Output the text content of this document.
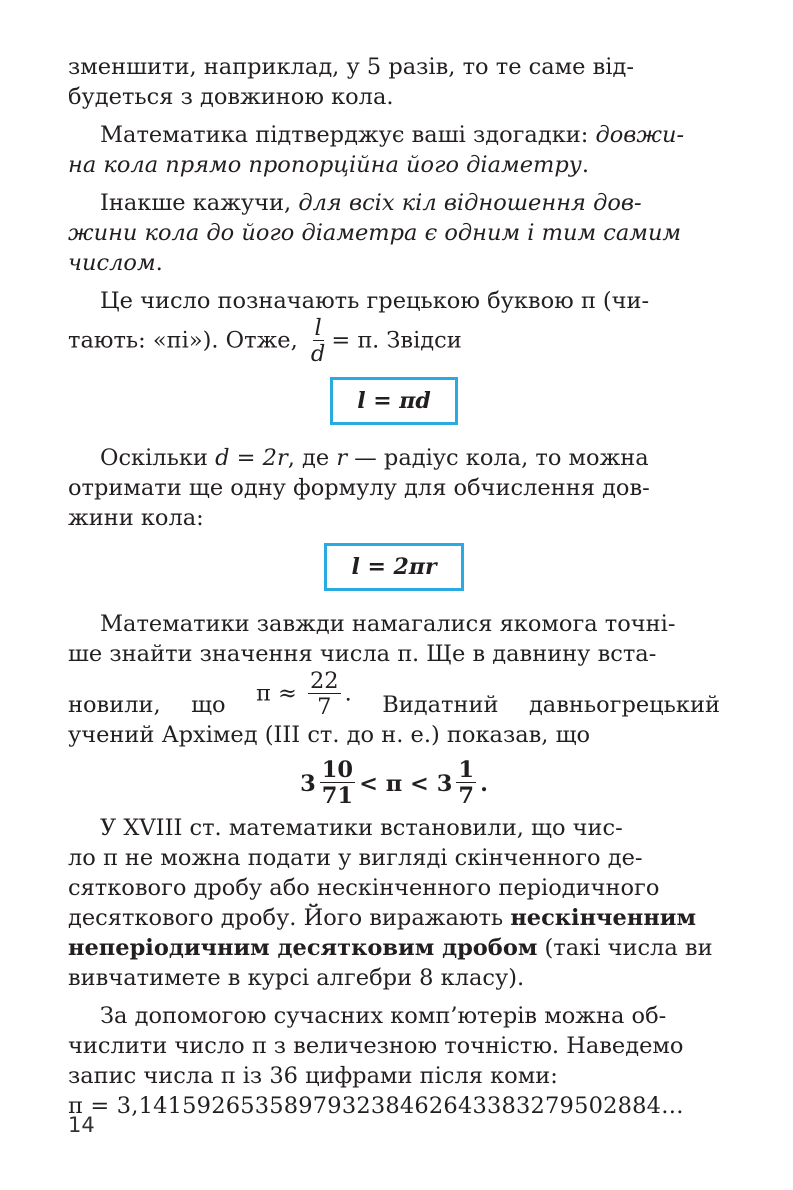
зменшити, наприклад, у 5 разів, то те саме від-
будеться з довжиною кола.
Математика підтверджує ваші здогадки: довжи-
на кола прямо пропорційна його діаметру.
Інакше кажучи, для всіх кіл відношення дов-
жини кола до його діаметра є одним і тим самим
числом.
Це число позначають грецькою буквою π (чи-
тають: «пі»). Отже, $\frac{l}{d} = \pi$. Звідси
l = πd
Оскільки d = 2r, де r — радіус кола, то можна
отримати ще одну формулу для обчислення дов-
жини кола:
l = 2πr
Математики завжди намагалися якомога точні-
ше знайти значення числа π. Ще в давнину вста-
новили, що $\pi \approx \frac{22}{7}$ . Видатний давньогрецький
учений Архімед (III ст. до н. е.) показав, що
$3 \frac{10}{71} < \pi < 3 \frac{1}{7}$ .
У XVIII ст. математики встановили, що чис-
ло π не можна подати у вигляді скінченного де-
сяткового дробу або нескінченного періодичного
десяткового дробу. Його виражають нескінченним
неперіодичним десятковим дробом (такі числа ви
вивчатимете в курсі алгебри 8 класу).
За допомогою сучасних комп’ютерів можна об-
числити число π з величезною точністю. Наведемо
запис числа π із 36 цифрами після коми:
π = 3,141592653589793238462643383279502884…
14
